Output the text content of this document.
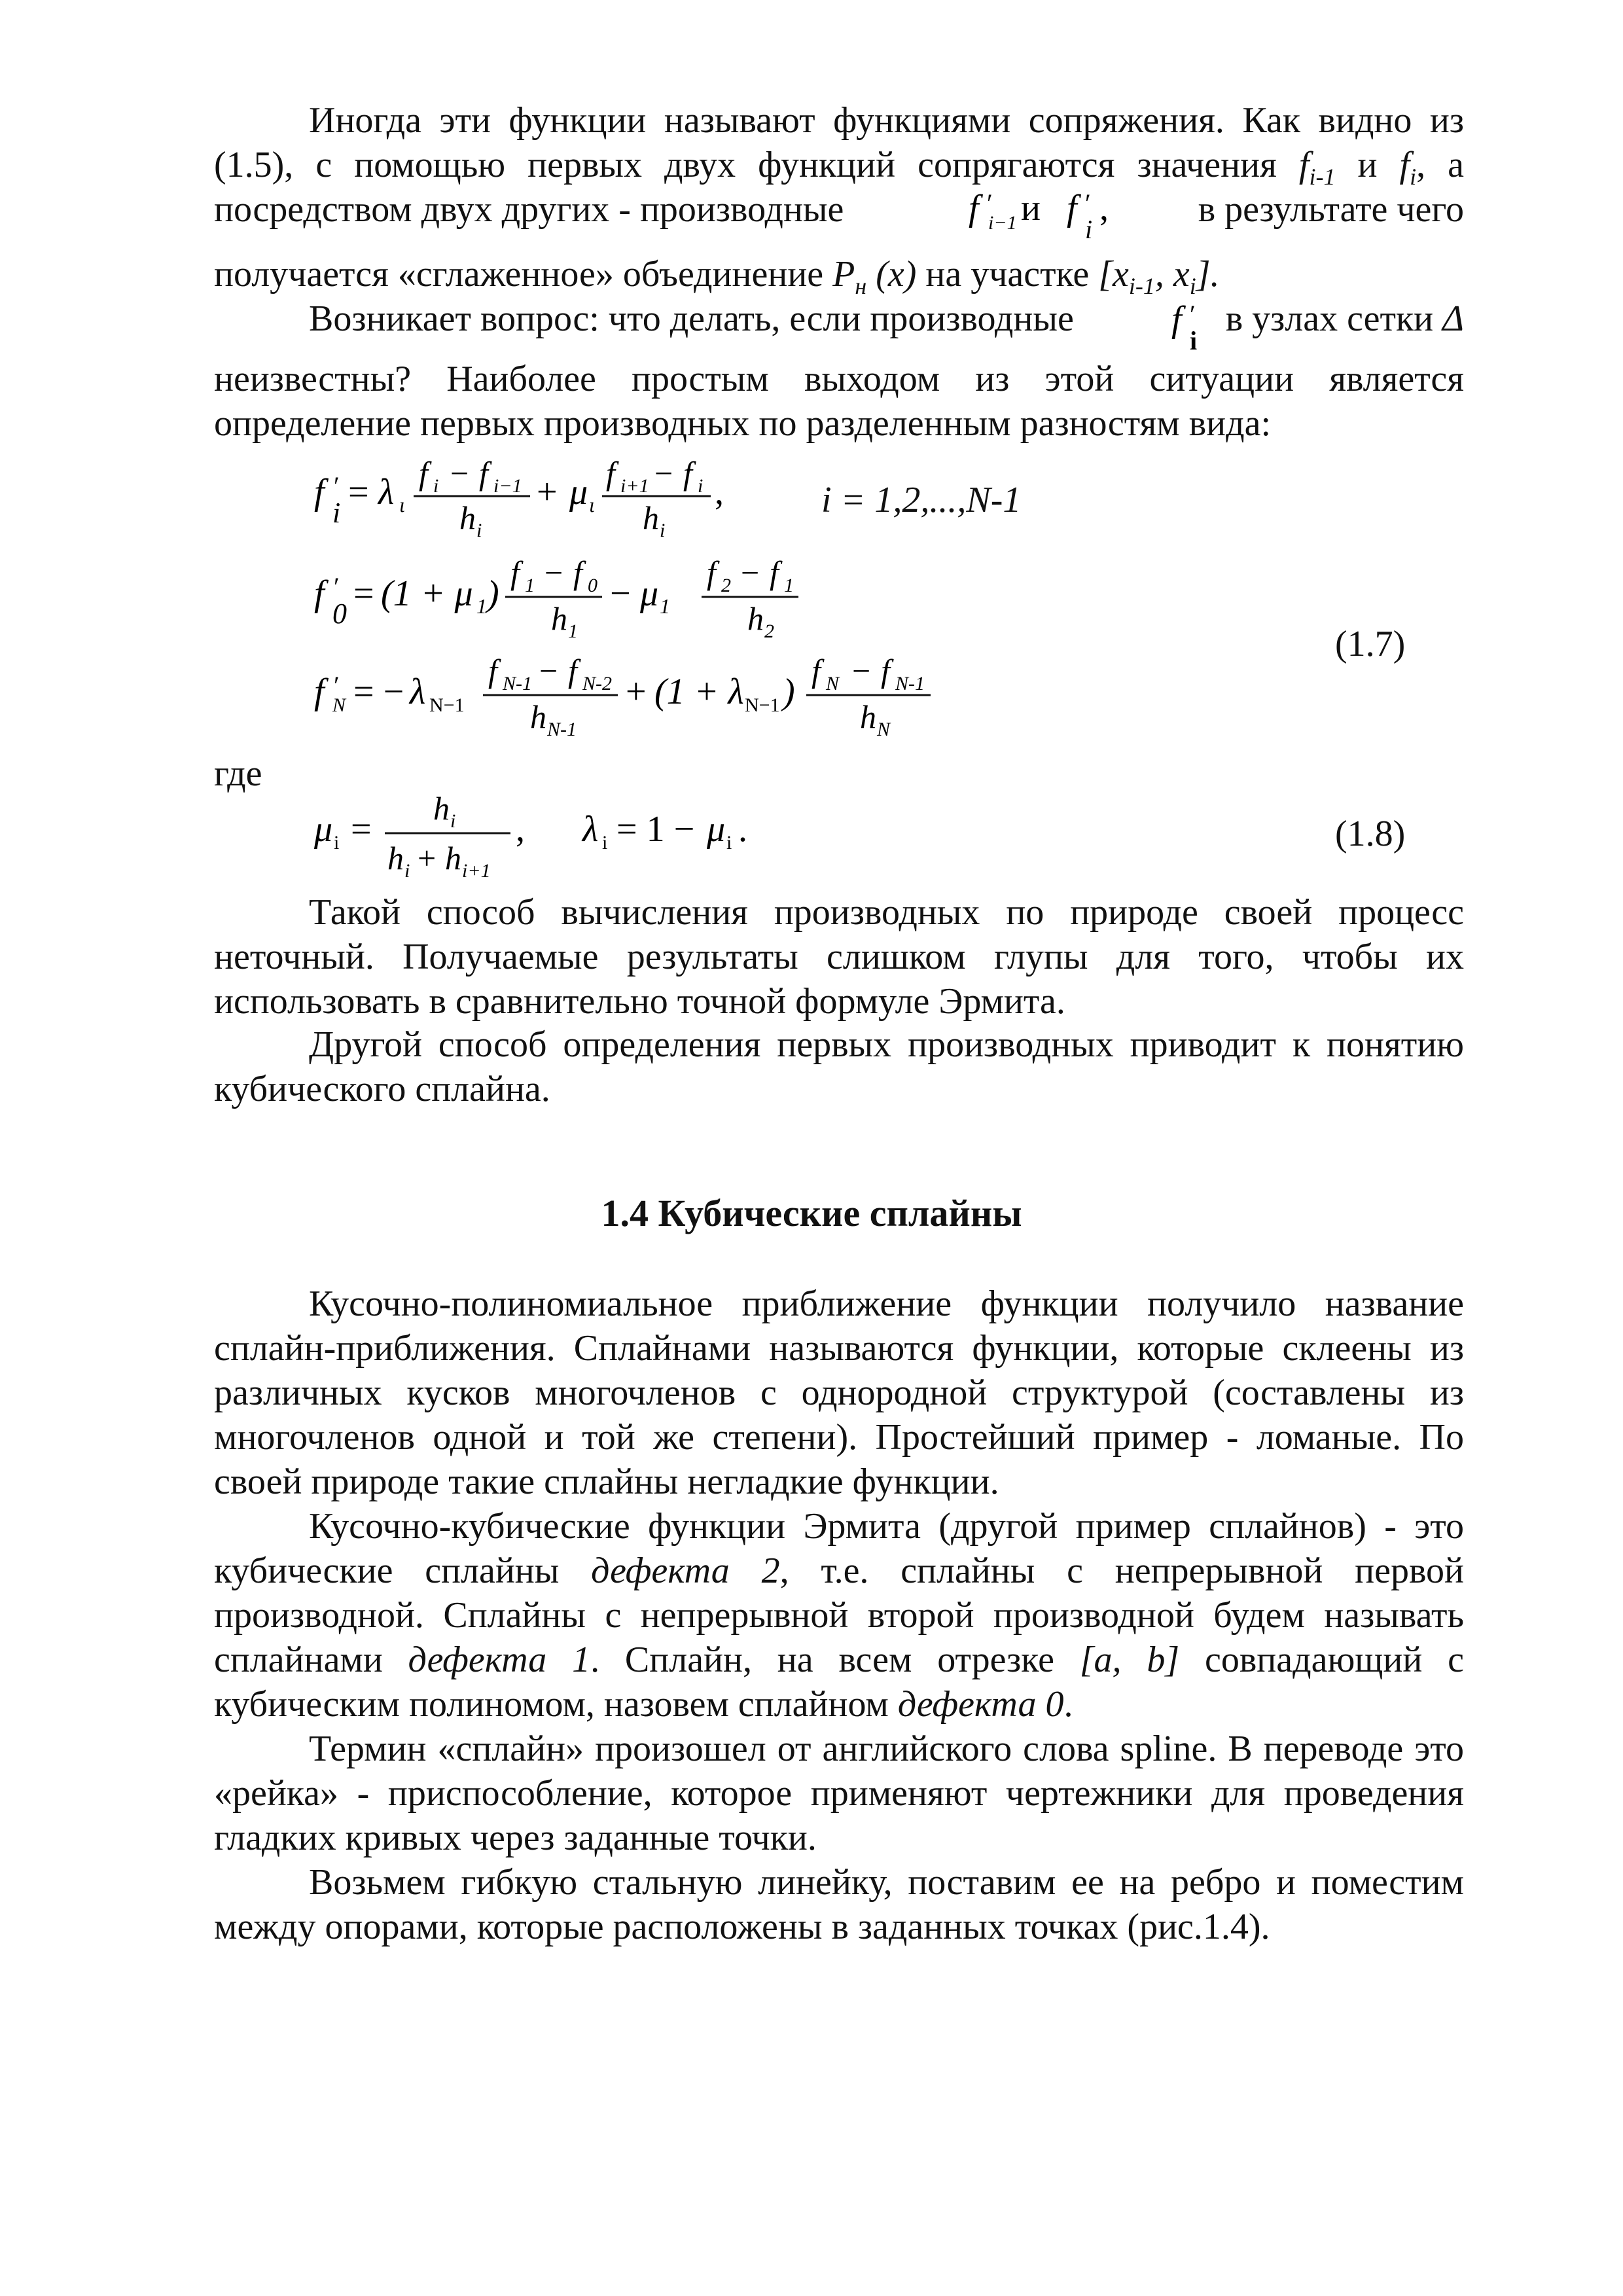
Иногда эти функции называют функциями сопряжения. Как видно из
(1.5), с помощью первых двух функций сопрягаются значения $f_{i-1}$ и $f_i$, а
посредством двух других - производные	f ′
i−1 и f ′
i
,	в результате чего
получается «сглаженное» объединение $P_н$ (x) на участке [$x_{i-1}$, $x_i$].
Возникает вопрос: что делать, если производные	f ′
i
в узлах сетки Δ
неизвестны? Наиболее простым выходом из этой ситуации является
определение первых производных по разделенным разностям вида:
f ′
i
= λ ι
f i − f i−1
h i
+ μ ι
f i+1 − f i
h i
,
f ′
0 = (1 + μ 1 )
f 1 − f 0
h 1
− μ 1
f 2 − f 1
h 2
f ′
N = − λ N−1
f N-1 − f N-2
h N-1
+ (1 + λ N−1 )
f N − f N-1
h N
i = 1,2,...,N-1
(1.7)
где
μ i =
h i
h i + h i+1
, λ i = 1 − μ i .	(1.8)
Такой способ вычисления производных по природе своей процесс неточный. Получаемые результаты слишком глупы для того, чтобы их использовать в сравнительно точной формуле Эрмита.
Другой способ определения первых производных приводит к понятию кубического сплайна.
1.4 Кубические сплайны
Кусочно-полиномиальное приближение функции получило название сплайн-приближения. Сплайнами называются функции, которые склеены из различных кусков многочленов с однородной структурой (составлены из многочленов одной и той же степени). Простейший пример - ломаные. По своей природе такие сплайны негладкие функции.
Кусочно-кубические функции Эрмита (другой пример сплайнов) - это кубические сплайны дефекта 2, т.е. сплайны с непрерывной первой производной. Сплайны с непрерывной второй производной будем называть сплайнами дефекта 1. Сплайн, на всем отрезке [a, b] совпадающий с кубическим полиномом, назовем сплайном дефекта 0.
Термин «сплайн» произошел от английского слова spline. В переводе это «рейка» - приспособление, которое применяют чертежники для проведения гладких кривых через заданные точки.
Возьмем гибкую стальную линейку, поставим ее на ребро и поместим между опорами, которые расположены в заданных точках (рис.1.4).
